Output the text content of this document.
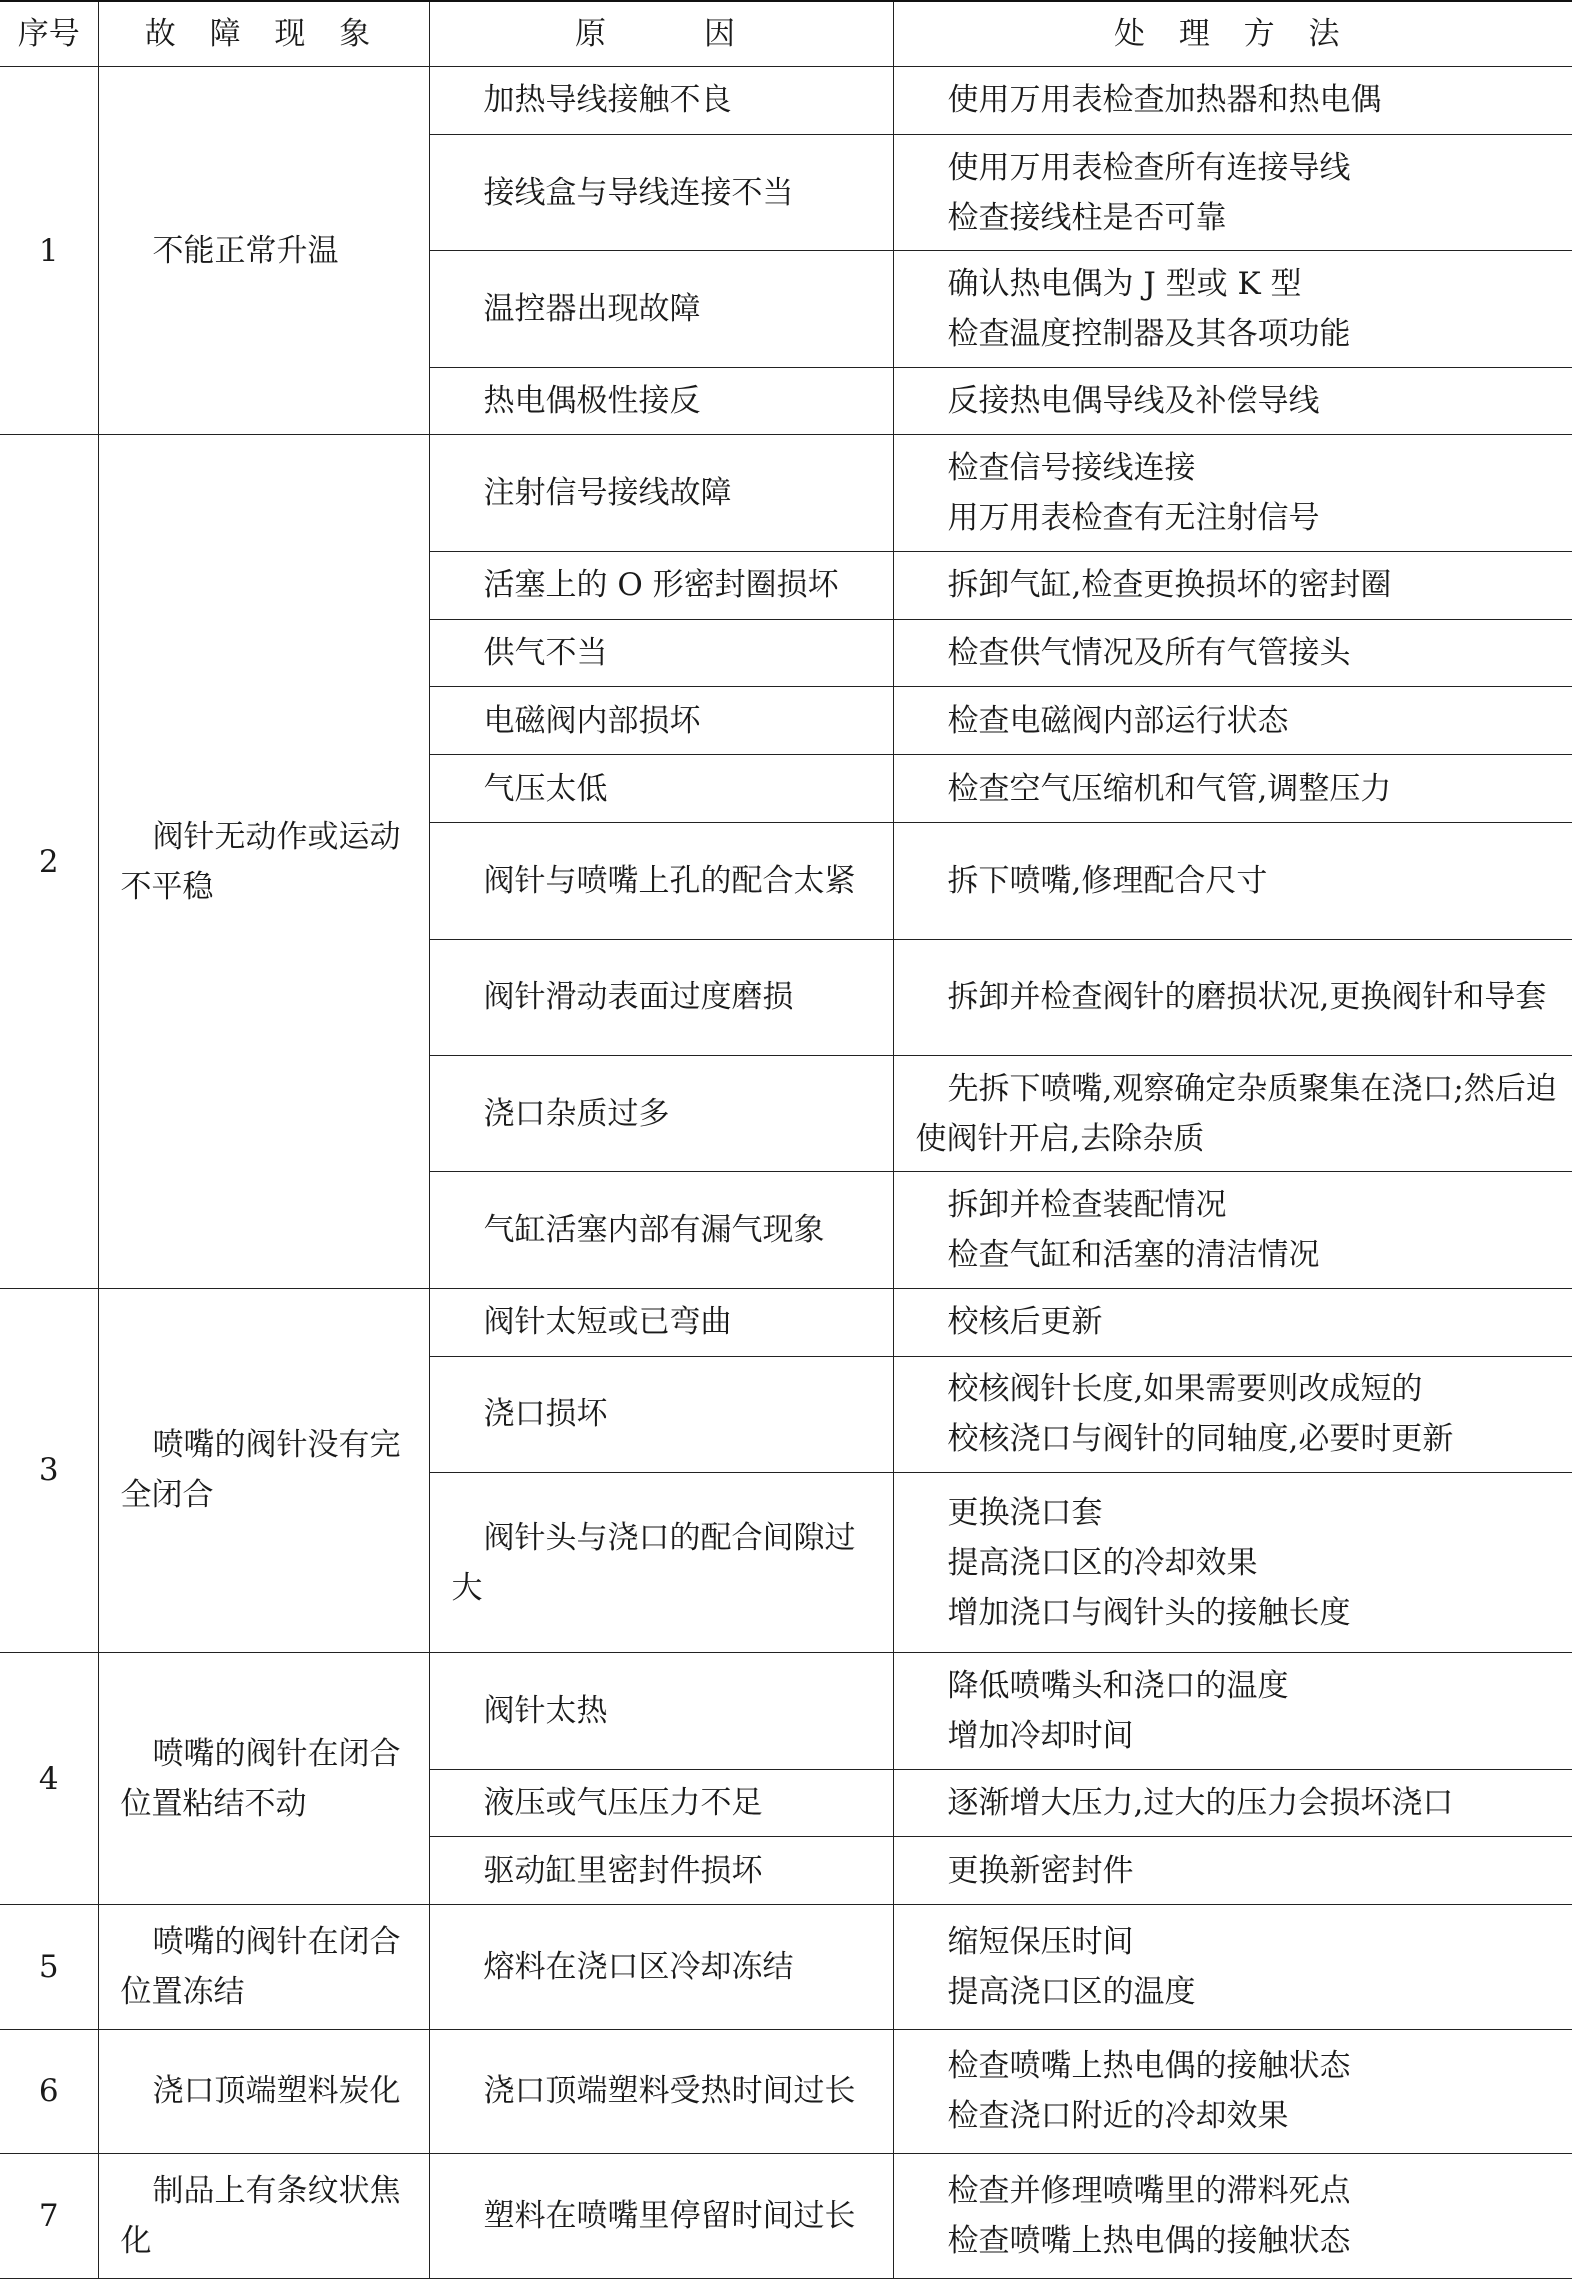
序号	故 障 现 象	原　　因	处 理 方 法
1	不能正常升温	加热导线接触不良	使用万用表检查加热器和热电偶

		接线盒与导线连接不当	使用万用表检查所有连接导线
检查接线柱是否可靠

		温控器出现故障	确认热电偶为 J 型或 K 型
检查温度控制器及其各项功能

		热电偶极性接反	反接热电偶导线及补偿导线

2	阀针无动作或运动不平稳	注射信号接线故障	检查信号接线连接
用万用表检查有无注射信号

		活塞上的 O 形密封圈损坏	拆卸气缸,检查更换损坏的密封圈

		供气不当	检查供气情况及所有气管接头

		电磁阀内部损坏	检查电磁阀内部运行状态

		气压太低	检查空气压缩机和气管,调整压力

		阀针与喷嘴上孔的配合太紧	拆下喷嘴,修理配合尺寸

		阀针滑动表面过度磨损	拆卸并检查阀针的磨损状况,更换阀针和导套

		浇口杂质过多	先拆下喷嘴,观察确定杂质聚集在浇口;然后迫使阀针开启,去除杂质

		气缸活塞内部有漏气现象	拆卸并检查装配情况
检查气缸和活塞的清洁情况

3	喷嘴的阀针没有完全闭合	阀针太短或已弯曲	校核后更新

		浇口损坏	校核阀针长度,如果需要则改成短的
校核浇口与阀针的同轴度,必要时更新

		阀针头与浇口的配合间隙过大	更换浇口套
提高浇口区的冷却效果
增加浇口与阀针头的接触长度

4	喷嘴的阀针在闭合位置粘结不动	阀针太热	降低喷嘴头和浇口的温度
增加冷却时间

		液压或气压压力不足	逐渐增大压力,过大的压力会损坏浇口

		驱动缸里密封件损坏	更换新密封件

5	喷嘴的阀针在闭合位置冻结	熔料在浇口区冷却冻结	缩短保压时间
提高浇口区的温度

6	浇口顶端塑料炭化	浇口顶端塑料受热时间过长	检查喷嘴上热电偶的接触状态
检查浇口附近的冷却效果

7	制品上有条纹状焦化	塑料在喷嘴里停留时间过长	检查并修理喷嘴里的滞料死点
检查喷嘴上热电偶的接触状态
